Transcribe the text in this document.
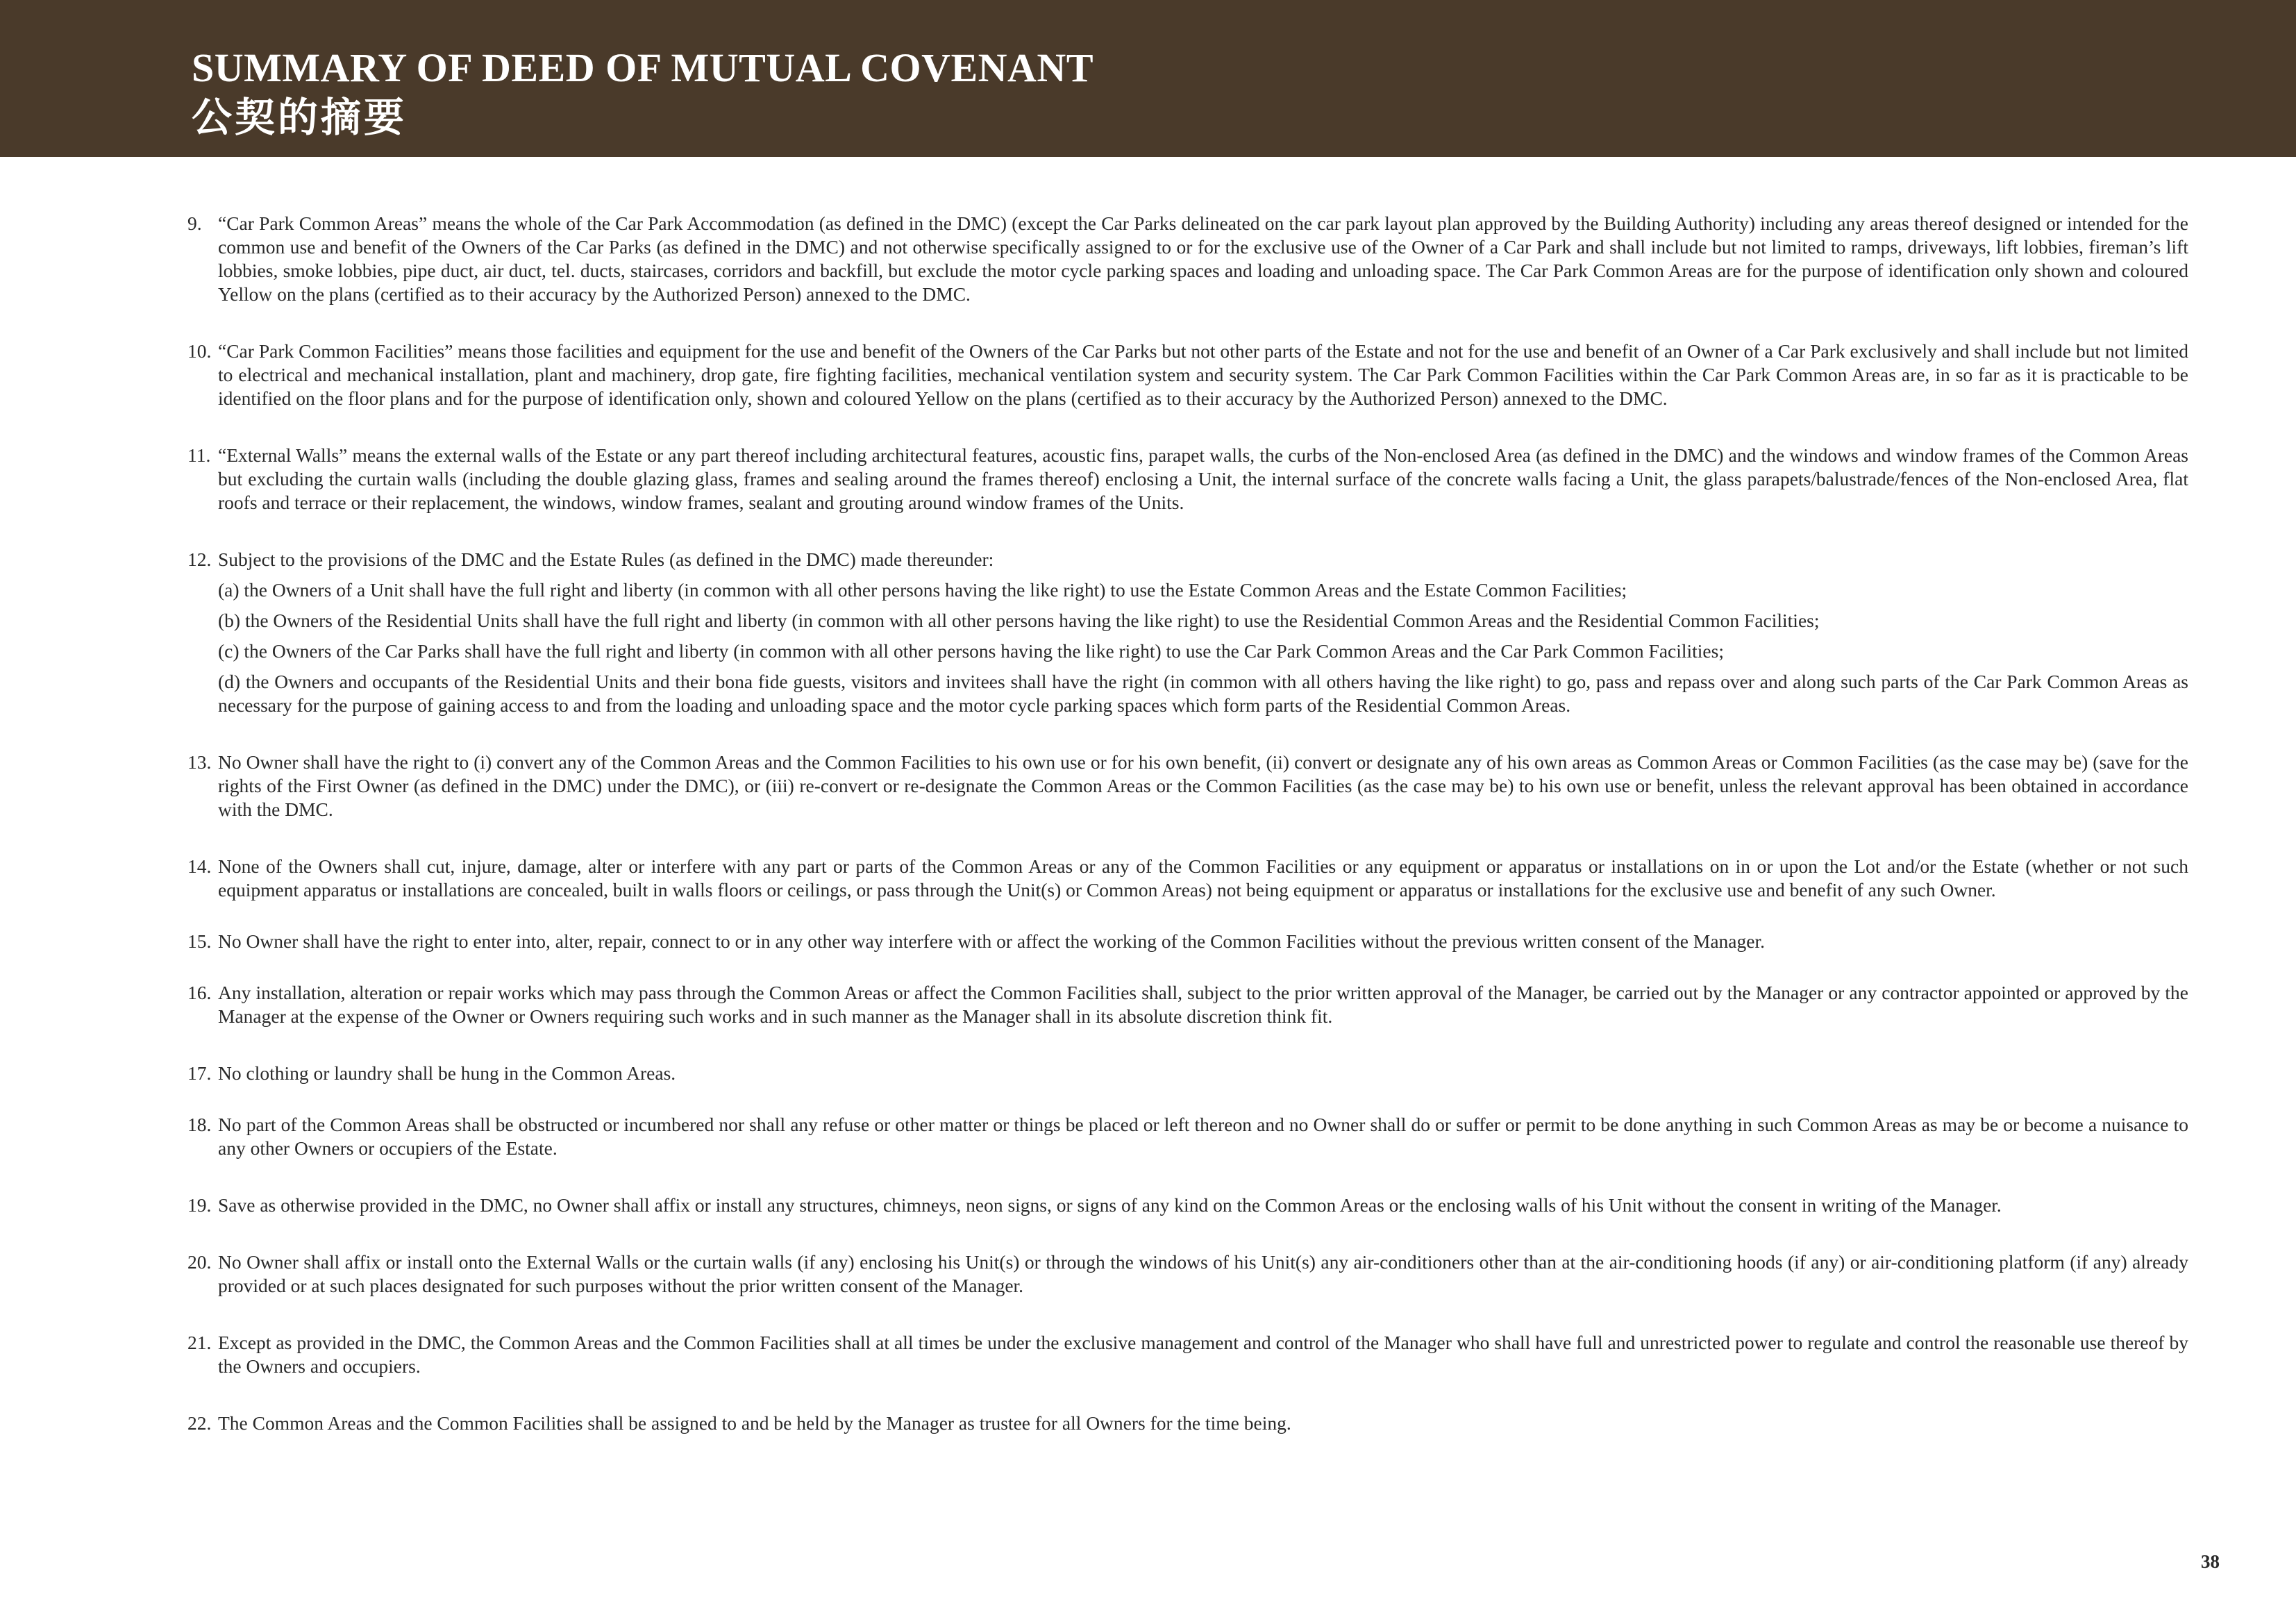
SUMMARY OF DEED OF MUTUAL COVENANT
公契的摘要
9. “Car Park Common Areas” means the whole of the Car Park Accommodation (as defined in the DMC) (except the Car Parks delineated on the car park layout plan approved by the Building Authority) including any areas thereof designed or intended for the common use and benefit of the Owners of the Car Parks (as defined in the DMC) and not otherwise specifically assigned to or for the exclusive use of the Owner of a Car Park and shall include but not limited to ramps, driveways, lift lobbies, fireman’s lift lobbies, smoke lobbies, pipe duct, air duct, tel. ducts, staircases, corridors and backfill, but exclude the motor cycle parking spaces and loading and unloading space. The Car Park Common Areas are for the purpose of identification only shown and coloured Yellow on the plans (certified as to their accuracy by the Authorized Person) annexed to the DMC.
10. “Car Park Common Facilities” means those facilities and equipment for the use and benefit of the Owners of the Car Parks but not other parts of the Estate and not for the use and benefit of an Owner of a Car Park exclusively and shall include but not limited to electrical and mechanical installation, plant and machinery, drop gate, fire fighting facilities, mechanical ventilation system and security system. The Car Park Common Facilities within the Car Park Common Areas are, in so far as it is practicable to be identified on the floor plans and for the purpose of identification only, shown and coloured Yellow on the plans (certified as to their accuracy by the Authorized Person) annexed to the DMC.
11. “External Walls” means the external walls of the Estate or any part thereof including architectural features, acoustic fins, parapet walls, the curbs of the Non-enclosed Area (as defined in the DMC) and the windows and window frames of the Common Areas but excluding the curtain walls (including the double glazing glass, frames and sealing around the frames thereof) enclosing a Unit, the internal surface of the concrete walls facing a Unit, the glass parapets/balustrade/fences of the Non-enclosed Area, flat roofs and terrace or their replacement, the windows, window frames, sealant and grouting around window frames of the Units.
12. Subject to the provisions of the DMC and the Estate Rules (as defined in the DMC) made thereunder:
(a) the Owners of a Unit shall have the full right and liberty (in common with all other persons having the like right) to use the Estate Common Areas and the Estate Common Facilities;
(b) the Owners of the Residential Units shall have the full right and liberty (in common with all other persons having the like right) to use the Residential Common Areas and the Residential Common Facilities;
(c) the Owners of the Car Parks shall have the full right and liberty (in common with all other persons having the like right) to use the Car Park Common Areas and the Car Park Common Facilities;
(d) the Owners and occupants of the Residential Units and their bona fide guests, visitors and invitees shall have the right (in common with all others having the like right) to go, pass and repass over and along such parts of the Car Park Common Areas as necessary for the purpose of gaining access to and from the loading and unloading space and the motor cycle parking spaces which form parts of the Residential Common Areas.
13. No Owner shall have the right to (i) convert any of the Common Areas and the Common Facilities to his own use or for his own benefit, (ii) convert or designate any of his own areas as Common Areas or Common Facilities (as the case may be) (save for the rights of the First Owner (as defined in the DMC) under the DMC), or (iii) re-convert or re-designate the Common Areas or the Common Facilities (as the case may be) to his own use or benefit, unless the relevant approval has been obtained in accordance with the DMC.
14. None of the Owners shall cut, injure, damage, alter or interfere with any part or parts of the Common Areas or any of the Common Facilities or any equipment or apparatus or installations on in or upon the Lot and/or the Estate (whether or not such equipment apparatus or installations are concealed, built in walls floors or ceilings, or pass through the Unit(s) or Common Areas) not being equipment or apparatus or installations for the exclusive use and benefit of any such Owner.
15. No Owner shall have the right to enter into, alter, repair, connect to or in any other way interfere with or affect the working of the Common Facilities without the previous written consent of the Manager.
16. Any installation, alteration or repair works which may pass through the Common Areas or affect the Common Facilities shall, subject to the prior written approval of the Manager, be carried out by the Manager or any contractor appointed or approved by the Manager at the expense of the Owner or Owners requiring such works and in such manner as the Manager shall in its absolute discretion think fit.
17. No clothing or laundry shall be hung in the Common Areas.
18. No part of the Common Areas shall be obstructed or incumbered nor shall any refuse or other matter or things be placed or left thereon and no Owner shall do or suffer or permit to be done anything in such Common Areas as may be or become a nuisance to any other Owners or occupiers of the Estate.
19. Save as otherwise provided in the DMC, no Owner shall affix or install any structures, chimneys, neon signs, or signs of any kind on the Common Areas or the enclosing walls of his Unit without the consent in writing of the Manager.
20. No Owner shall affix or install onto the External Walls or the curtain walls (if any) enclosing his Unit(s) or through the windows of his Unit(s) any air-conditioners other than at the air-conditioning hoods (if any) or air-conditioning platform (if any) already provided or at such places designated for such purposes without the prior written consent of the Manager.
21. Except as provided in the DMC, the Common Areas and the Common Facilities shall at all times be under the exclusive management and control of the Manager who shall have full and unrestricted power to regulate and control the reasonable use thereof by the Owners and occupiers.
22. The Common Areas and the Common Facilities shall be assigned to and be held by the Manager as trustee for all Owners for the time being.
38
